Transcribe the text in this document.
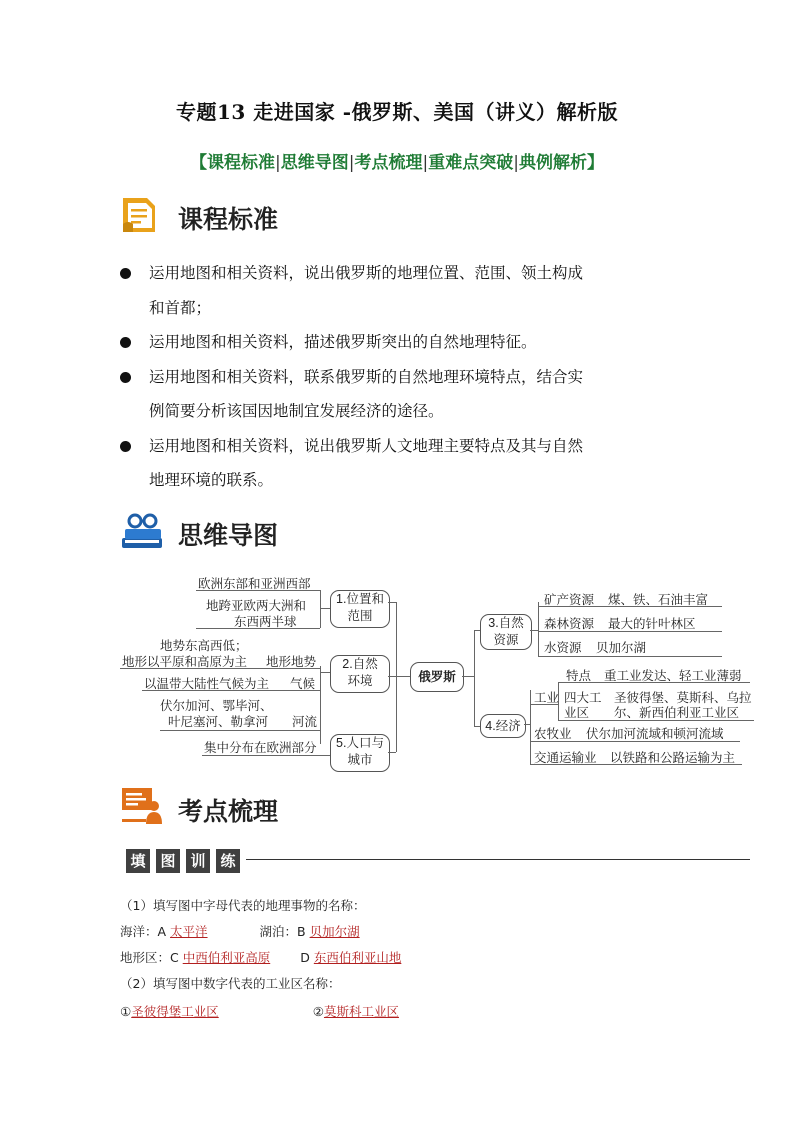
专题13 走进国家 -俄罗斯、美国（讲义）解析版
【课程标准|思维导图|考点梳理|重难点突破|典例解析】
课程标准
运用地图和相关资料，说出俄罗斯的地理位置、范围、领土构成
和首都；
运用地图和相关资料，描述俄罗斯突出的自然地理特征。
运用地图和相关资料，联系俄罗斯的自然地理环境特点，结合实
例简要分析该国因地制宜发展经济的途径。
运用地图和相关资料，说出俄罗斯人文地理主要特点及其与自然
地理环境的联系。
思维导图
俄罗斯
1.位置和
范围
欧洲东部和亚洲西部
地跨亚欧两大洲和
东西两半球
2.自然
环境
地势东高西低；
地形以平原和高原为主 地形地势
以温带大陆性气候为主 气候
伏尔加河、鄂毕河、
叶尼塞河、勒拿河 河流
5.人口与
城市
集中分布在欧洲部分
3.自然
资源
矿产资源 煤、铁、石油丰富
森林资源 最大的针叶林区
水资源 贝加尔湖
4.经济
工业
特点 重工业发达、轻工业薄弱
四大工
业区
圣彼得堡、莫斯科、乌拉
尔、新西伯利亚工业区
农牧业 伏尔加河流域和顿河流域
交通运输业 以铁路和公路运输为主
考点梳理
填 图 训 练
（1）填写图中字母代表的地理事物的名称：
海洋：A 太平洋	湖泊：B 贝加尔湖
地形区：C 中西伯利亚高原 D 东西伯利亚山地
（2）填写图中数字代表的工业区名称：
①圣彼得堡工业区	②莫斯科工业区
